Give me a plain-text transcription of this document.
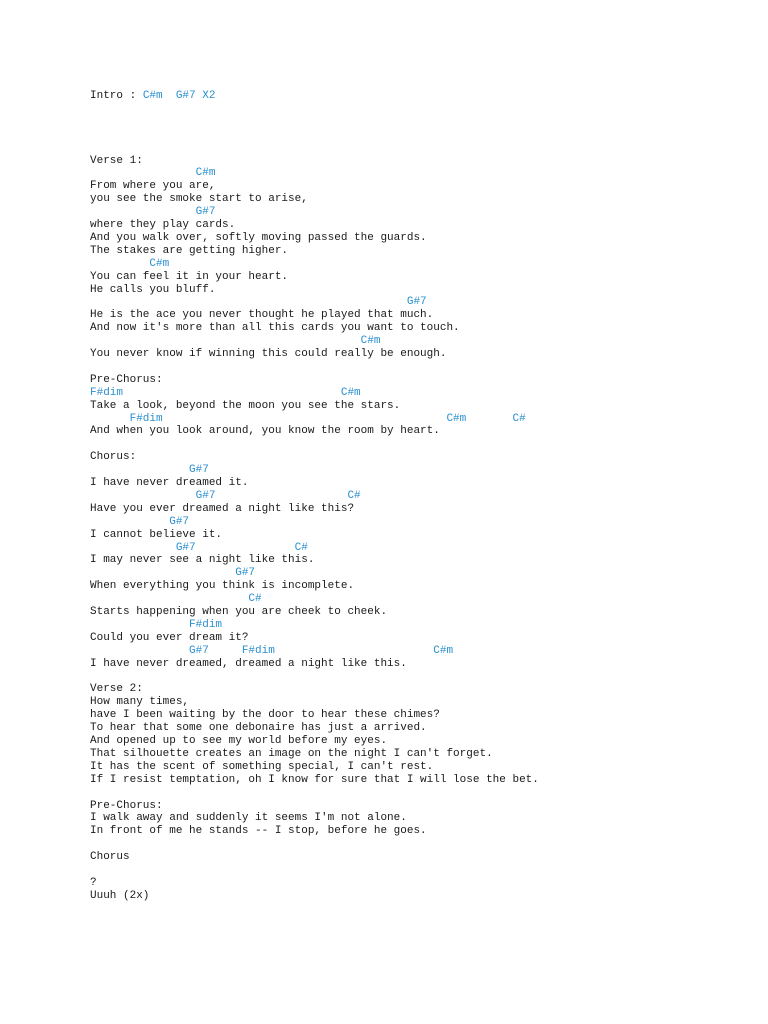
Intro : C#m  G#7 X2
Verse 1:
C#m
From where you are,
you see the smoke start to arise,
G#7
where they play cards.
And you walk over, softly moving passed the guards.
The stakes are getting higher.
C#m
You can feel it in your heart.
He calls you bluff.
G#7
He is the ace you never thought he played that much.
And now it's more than all this cards you want to touch.
C#m
You never know if winning this could really be enough.
Pre-Chorus:
F#dim                                 C#m
Take a look, beyond the moon you see the stars.
F#dim                                           C#m       C#
And when you look around, you know the room by heart.
Chorus:
G#7
I have never dreamed it.
G#7                    C#
Have you ever dreamed a night like this?
G#7
I cannot believe it.
G#7               C#
I may never see a night like this.
G#7
When everything you think is incomplete.
C#
Starts happening when you are cheek to cheek.
F#dim
Could you ever dream it?
G#7     F#dim                        C#m
I have never dreamed, dreamed a night like this.
Verse 2:
How many times,
have I been waiting by the door to hear these chimes?
To hear that some one debonaire has just a arrived.
And opened up to see my world before my eyes.
That silhouette creates an image on the night I can't forget.
It has the scent of something special, I can't rest.
If I resist temptation, oh I know for sure that I will lose the bet.
Pre-Chorus:
I walk away and suddenly it seems I'm not alone.
In front of me he stands -- I stop, before he goes.
Chorus
?
Uuuh (2x)
